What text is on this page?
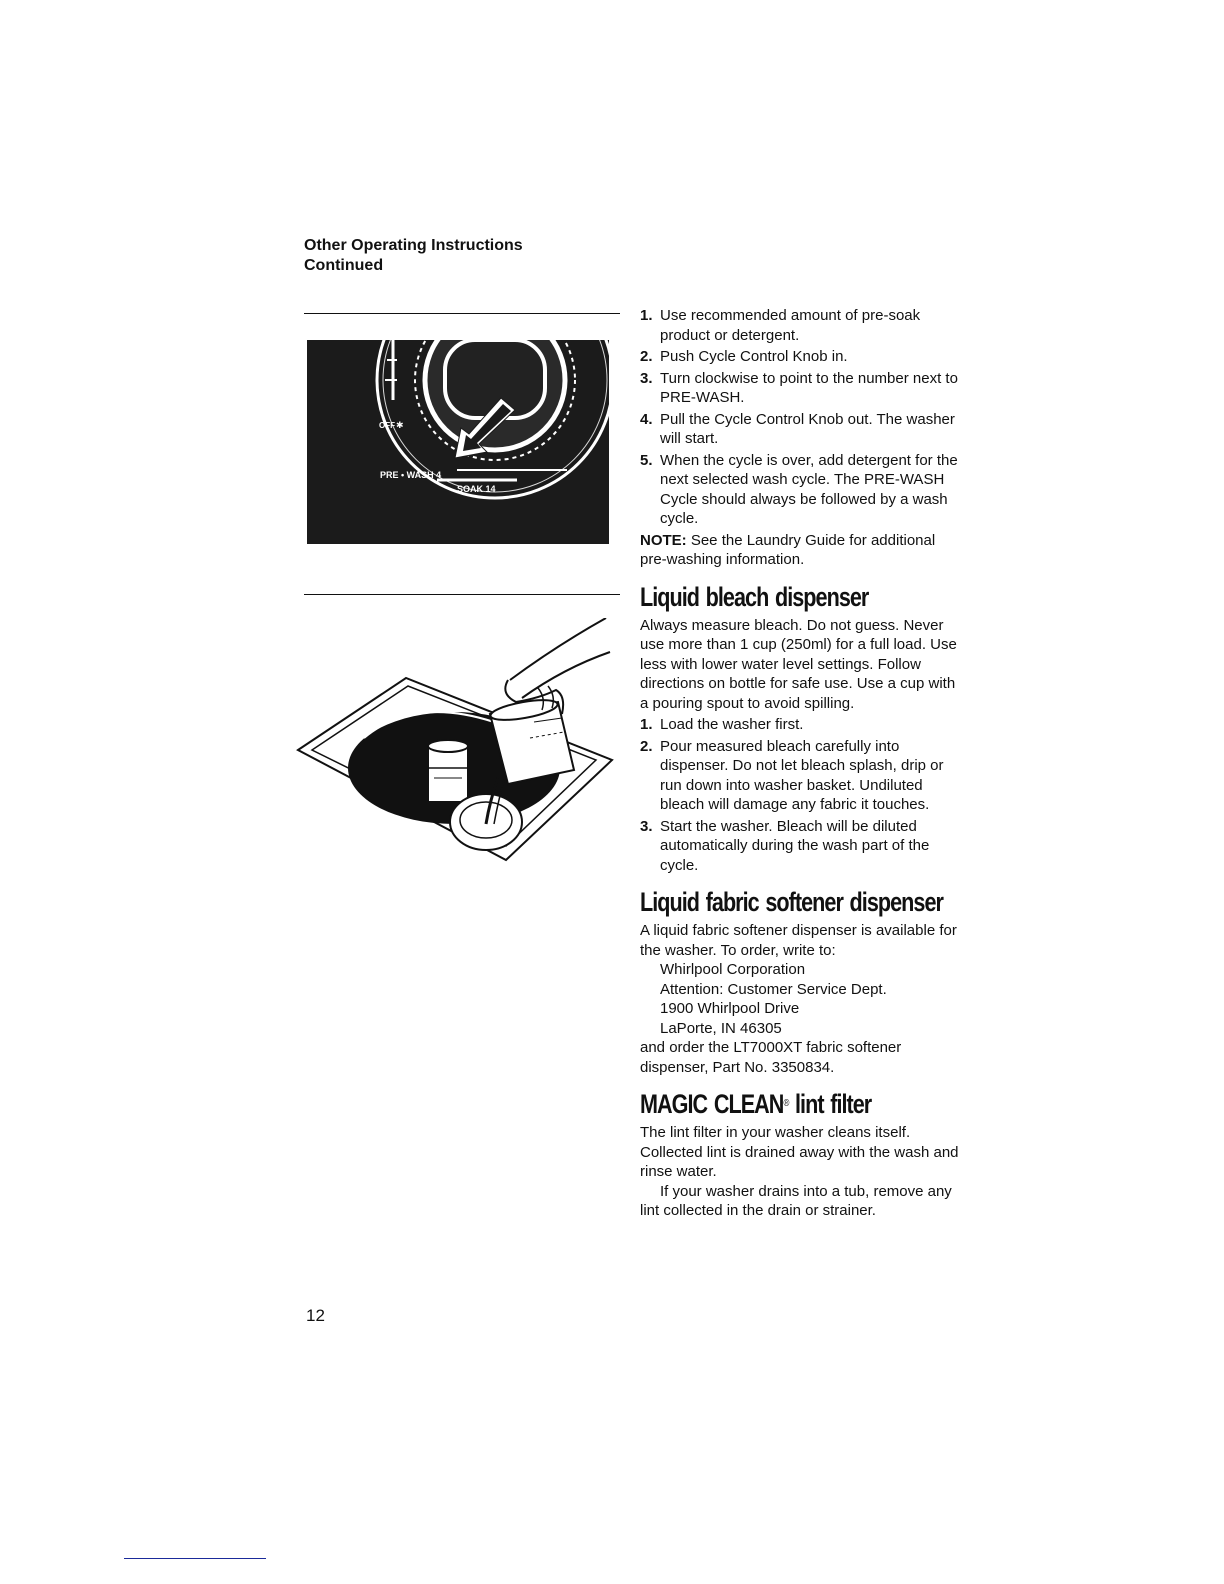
Other Operating Instructions
Continued
OFF ✱
PRE • WASH 4
SOAK 14
1. Use recommended amount of pre-soak product or detergent.
2. Push Cycle Control Knob in.
3. Turn clockwise to point to the number next to PRE-WASH.
4. Pull the Cycle Control Knob out. The washer will start.
5. When the cycle is over, add detergent for the next selected wash cycle. The PRE-WASH Cycle should always be followed by a wash cycle.

NOTE: See the Laundry Guide for additional pre-washing information.

Liquid bleach dispenser

Always measure bleach. Do not guess. Never use more than 1 cup (250ml) for a full load. Use less with lower water level settings. Follow directions on bottle for safe use. Use a cup with a pouring spout to avoid spilling.

1. Load the washer first.
2. Pour measured bleach carefully into dispenser. Do not let bleach splash, drip or run down into washer basket. Undiluted bleach will damage any fabric it touches.
3. Start the washer. Bleach will be diluted automatically during the wash part of the cycle.
Liquid fabric softener dispenser

A liquid fabric softener dispenser is available for the washer. To order, write to:

Whirlpool Corporation
Attention: Customer Service Dept.
1900 Whirlpool Drive
LaPorte, IN 46305

and order the LT7000XT fabric softener dispenser, Part No. 3350834.

MAGIC CLEAN® lint filter

The lint filter in your washer cleans itself. Collected lint is drained away with the wash and rinse water.

If your washer drains into a tub, remove any lint collected in the drain or strainer.

12
